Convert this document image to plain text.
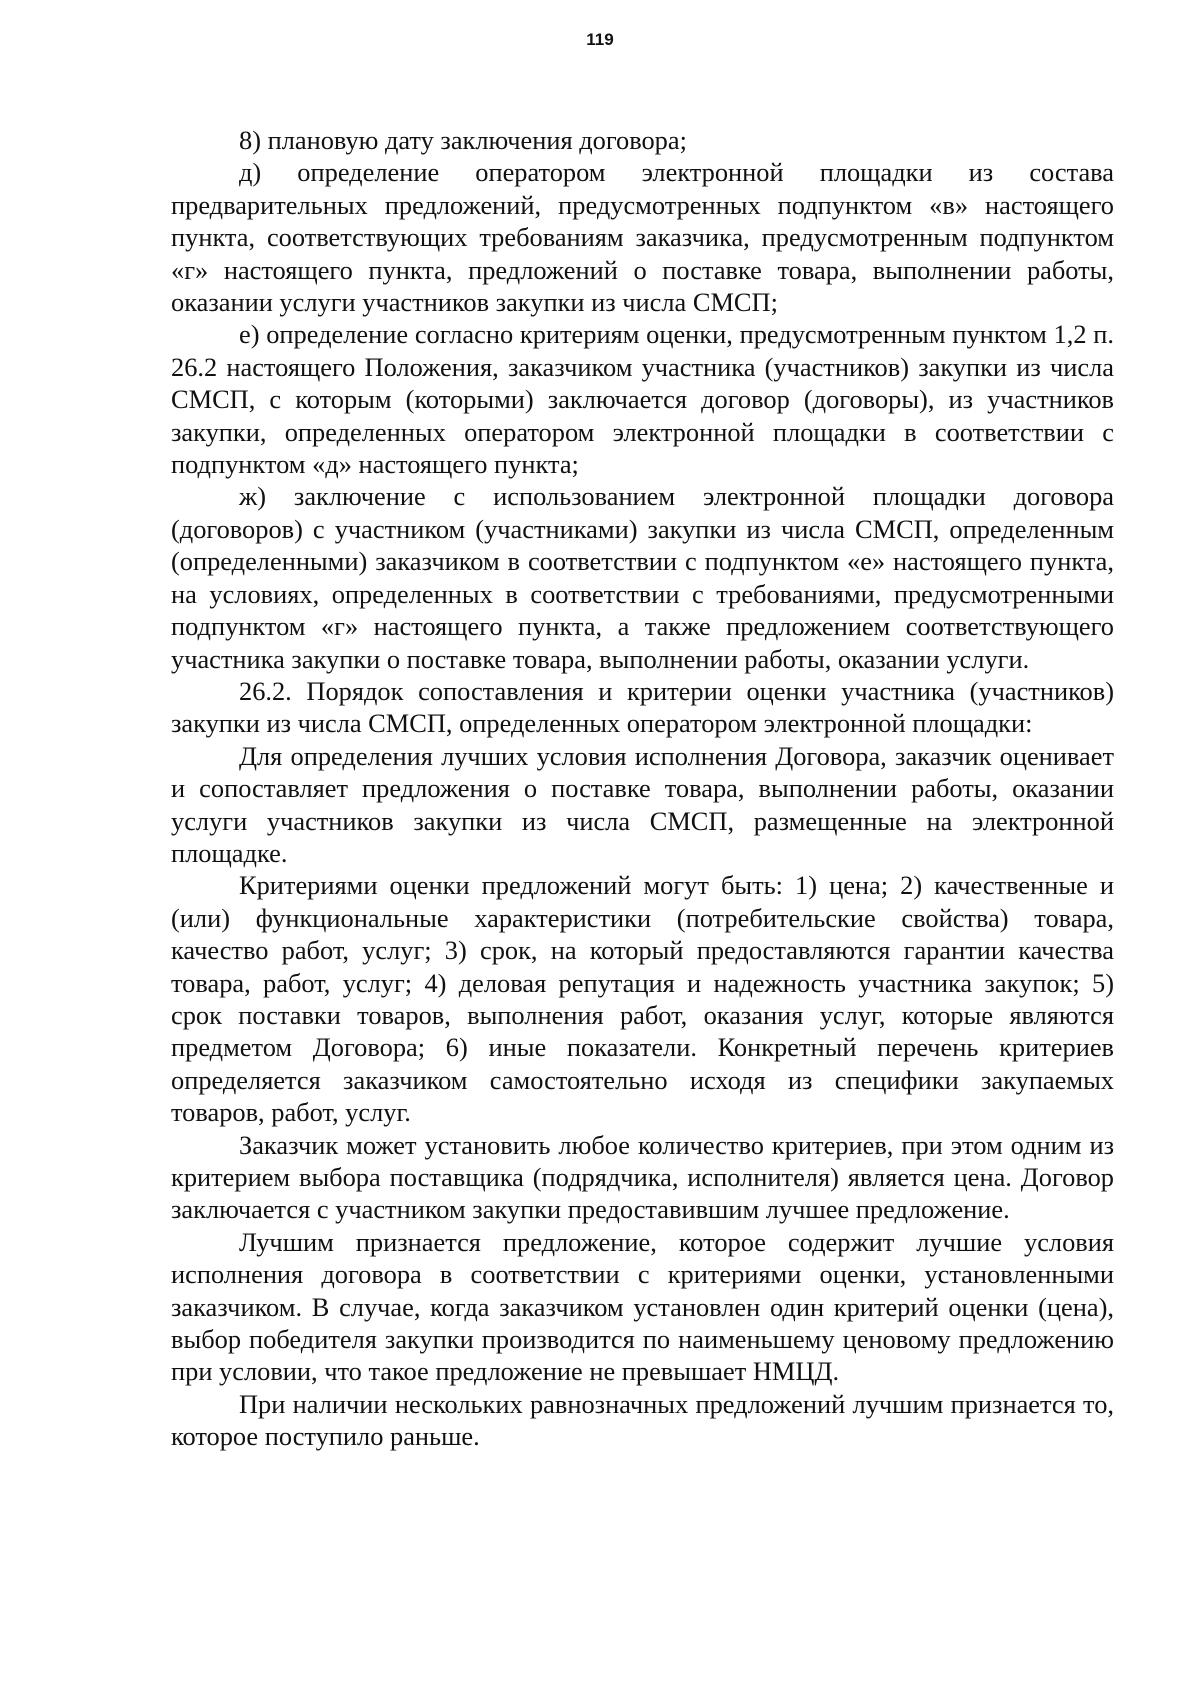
119

8) плановую дату заключения договора;

д) определение оператором электронной площадки из состава предварительных предложений, предусмотренных подпунктом «в» настоящего пункта, соответствующих требованиям заказчика, предусмотренным подпунктом «г» настоящего пункта, предложений о поставке товара, выполнении работы, оказании услуги участников закупки из числа СМСП;

е) определение согласно критериям оценки, предусмотренным пунктом 1,2 п. 26.2 настоящего Положения, заказчиком участника (участников) закупки из числа СМСП, с которым (которыми) заключается договор (договоры), из участников закупки, определенных оператором электронной площадки в соответствии с подпунктом «д» настоящего пункта;

ж) заключение с использованием электронной площадки договора (договоров) с участником (участниками) закупки из числа СМСП, определенным (определенными) заказчиком в соответствии с подпунктом «е» настоящего пункта, на условиях, определенных в соответствии с требованиями, предусмотренными подпунктом «г» настоящего пункта, а также предложением соответствующего участника закупки о поставке товара, выполнении работы, оказании услуги.

26.2. Порядок сопоставления и критерии оценки участника (участников) закупки из числа СМСП, определенных оператором электронной площадки:

Для определения лучших условия исполнения Договора, заказчик оценивает и сопоставляет предложения о поставке товара, выполнении работы, оказании услуги участников закупки из числа СМСП, размещенные на электронной площадке.

Критериями оценки предложений могут быть: 1) цена; 2) качественные и (или) функциональные характеристики (потребительские свойства) товара, качество работ, услуг; 3) срок, на который предоставляются гарантии качества товара, работ, услуг; 4) деловая репутация и надежность участника закупок; 5) срок поставки товаров, выполнения работ, оказания услуг, которые являются предметом Договора; 6) иные показатели. Конкретный перечень критериев определяется заказчиком самостоятельно исходя из специфики закупаемых товаров, работ, услуг.

Заказчик может установить любое количество критериев, при этом одним из критерием выбора поставщика (подрядчика, исполнителя) является цена. Договор заключается с участником закупки предоставившим лучшее предложение.

Лучшим признается предложение, которое содержит лучшие условия исполнения договора в соответствии с критериями оценки, установленными заказчиком. В случае, когда заказчиком установлен один критерий оценки (цена), выбор победителя закупки производится по наименьшему ценовому предложению при условии, что такое предложение не превышает НМЦД.

При наличии нескольких равнозначных предложений лучшим признается то, которое поступило раньше.
